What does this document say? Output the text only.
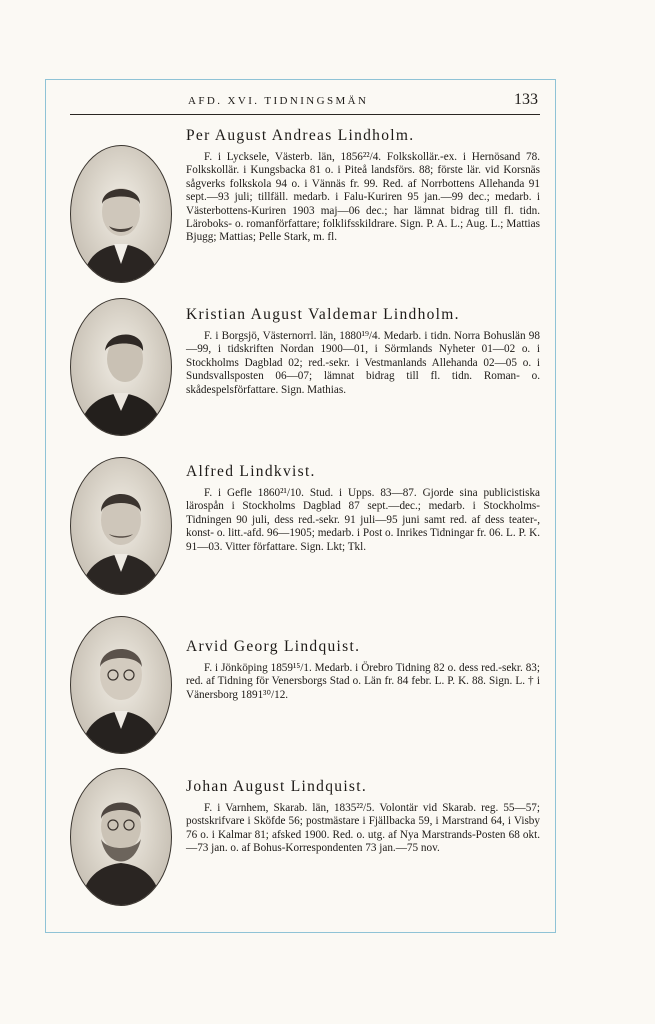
AFD. XVI. TIDNINGSMÄN	133

Per August Andreas Lindholm.

F. i Lycksele, Västerb. län, 1856²²/4. Folkskollär.-ex. i Hernösand 78. Folkskollär. i Kungsbacka 81 o. i Piteå landsförs. 88; förste lär. vid Korsnäs sågverks folkskola 94 o. i Vännäs fr. 99. Red. af Norrbottens Allehanda 91 sept.—93 juli; tillfäll. medarb. i Falu-Kuriren 95 jan.—99 dec.; medarb. i Västerbottens-Kuriren 1903 maj—06 dec.; har lämnat bidrag till fl. tidn. Läroboks- o. romanförfattare; folklifsskildrare. Sign. P. A. L.; Aug. L.; Mattias Bjugg; Mattias; Pelle Stark, m. fl.

Kristian August Valdemar Lindholm.

F. i Borgsjö, Västernorrl. län, 1880¹⁹/4. Medarb. i tidn. Norra Bohuslän 98—99, i tidskriften Nordan 1900—01, i Sörmlands Nyheter 01—02 o. i Stockholms Dagblad 02; red.-sekr. i Vestmanlands Allehanda 02—05 o. i Sundsvallsposten 06—07; lämnat bidrag till fl. tidn. Roman- o. skådespelsförfattare. Sign. Mathias.

Alfred Lindkvist.

F. i Gefle 1860²¹/10. Stud. i Upps. 83—87. Gjorde sina publicistiska lärospån i Stockholms Dagblad 87 sept.—dec.; medarb. i Stockholms-Tidningen 90 juli, dess red.-sekr. 91 juli—95 juni samt red. af dess teater-, konst- o. litt.-afd. 96—1905; medarb. i Post o. Inrikes Tidningar fr. 06. L. P. K. 91—03. Vitter författare. Sign. Lkt; Tkl.

Arvid Georg Lindquist.

F. i Jönköping 1859¹⁵/1. Medarb. i Örebro Tidning 82 o. dess red.-sekr. 83; red. af Tidning för Venersborgs Stad o. Län fr. 84 febr. L. P. K. 88. Sign. L. † i Vänersborg 1891³⁰/12.

Johan August Lindquist.

F. i Varnhem, Skarab. län, 1835²²/5. Volontär vid Skarab. reg. 55—57; postskrifvare i Sköfde 56; postmästare i Fjällbacka 59, i Marstrand 64, i Visby 76 o. i Kalmar 81; afsked 1900. Red. o. utg. af Nya Marstrands-Posten 68 okt.—73 jan. o. af Bohus-Korrespondenten 73 jan.—75 nov.
